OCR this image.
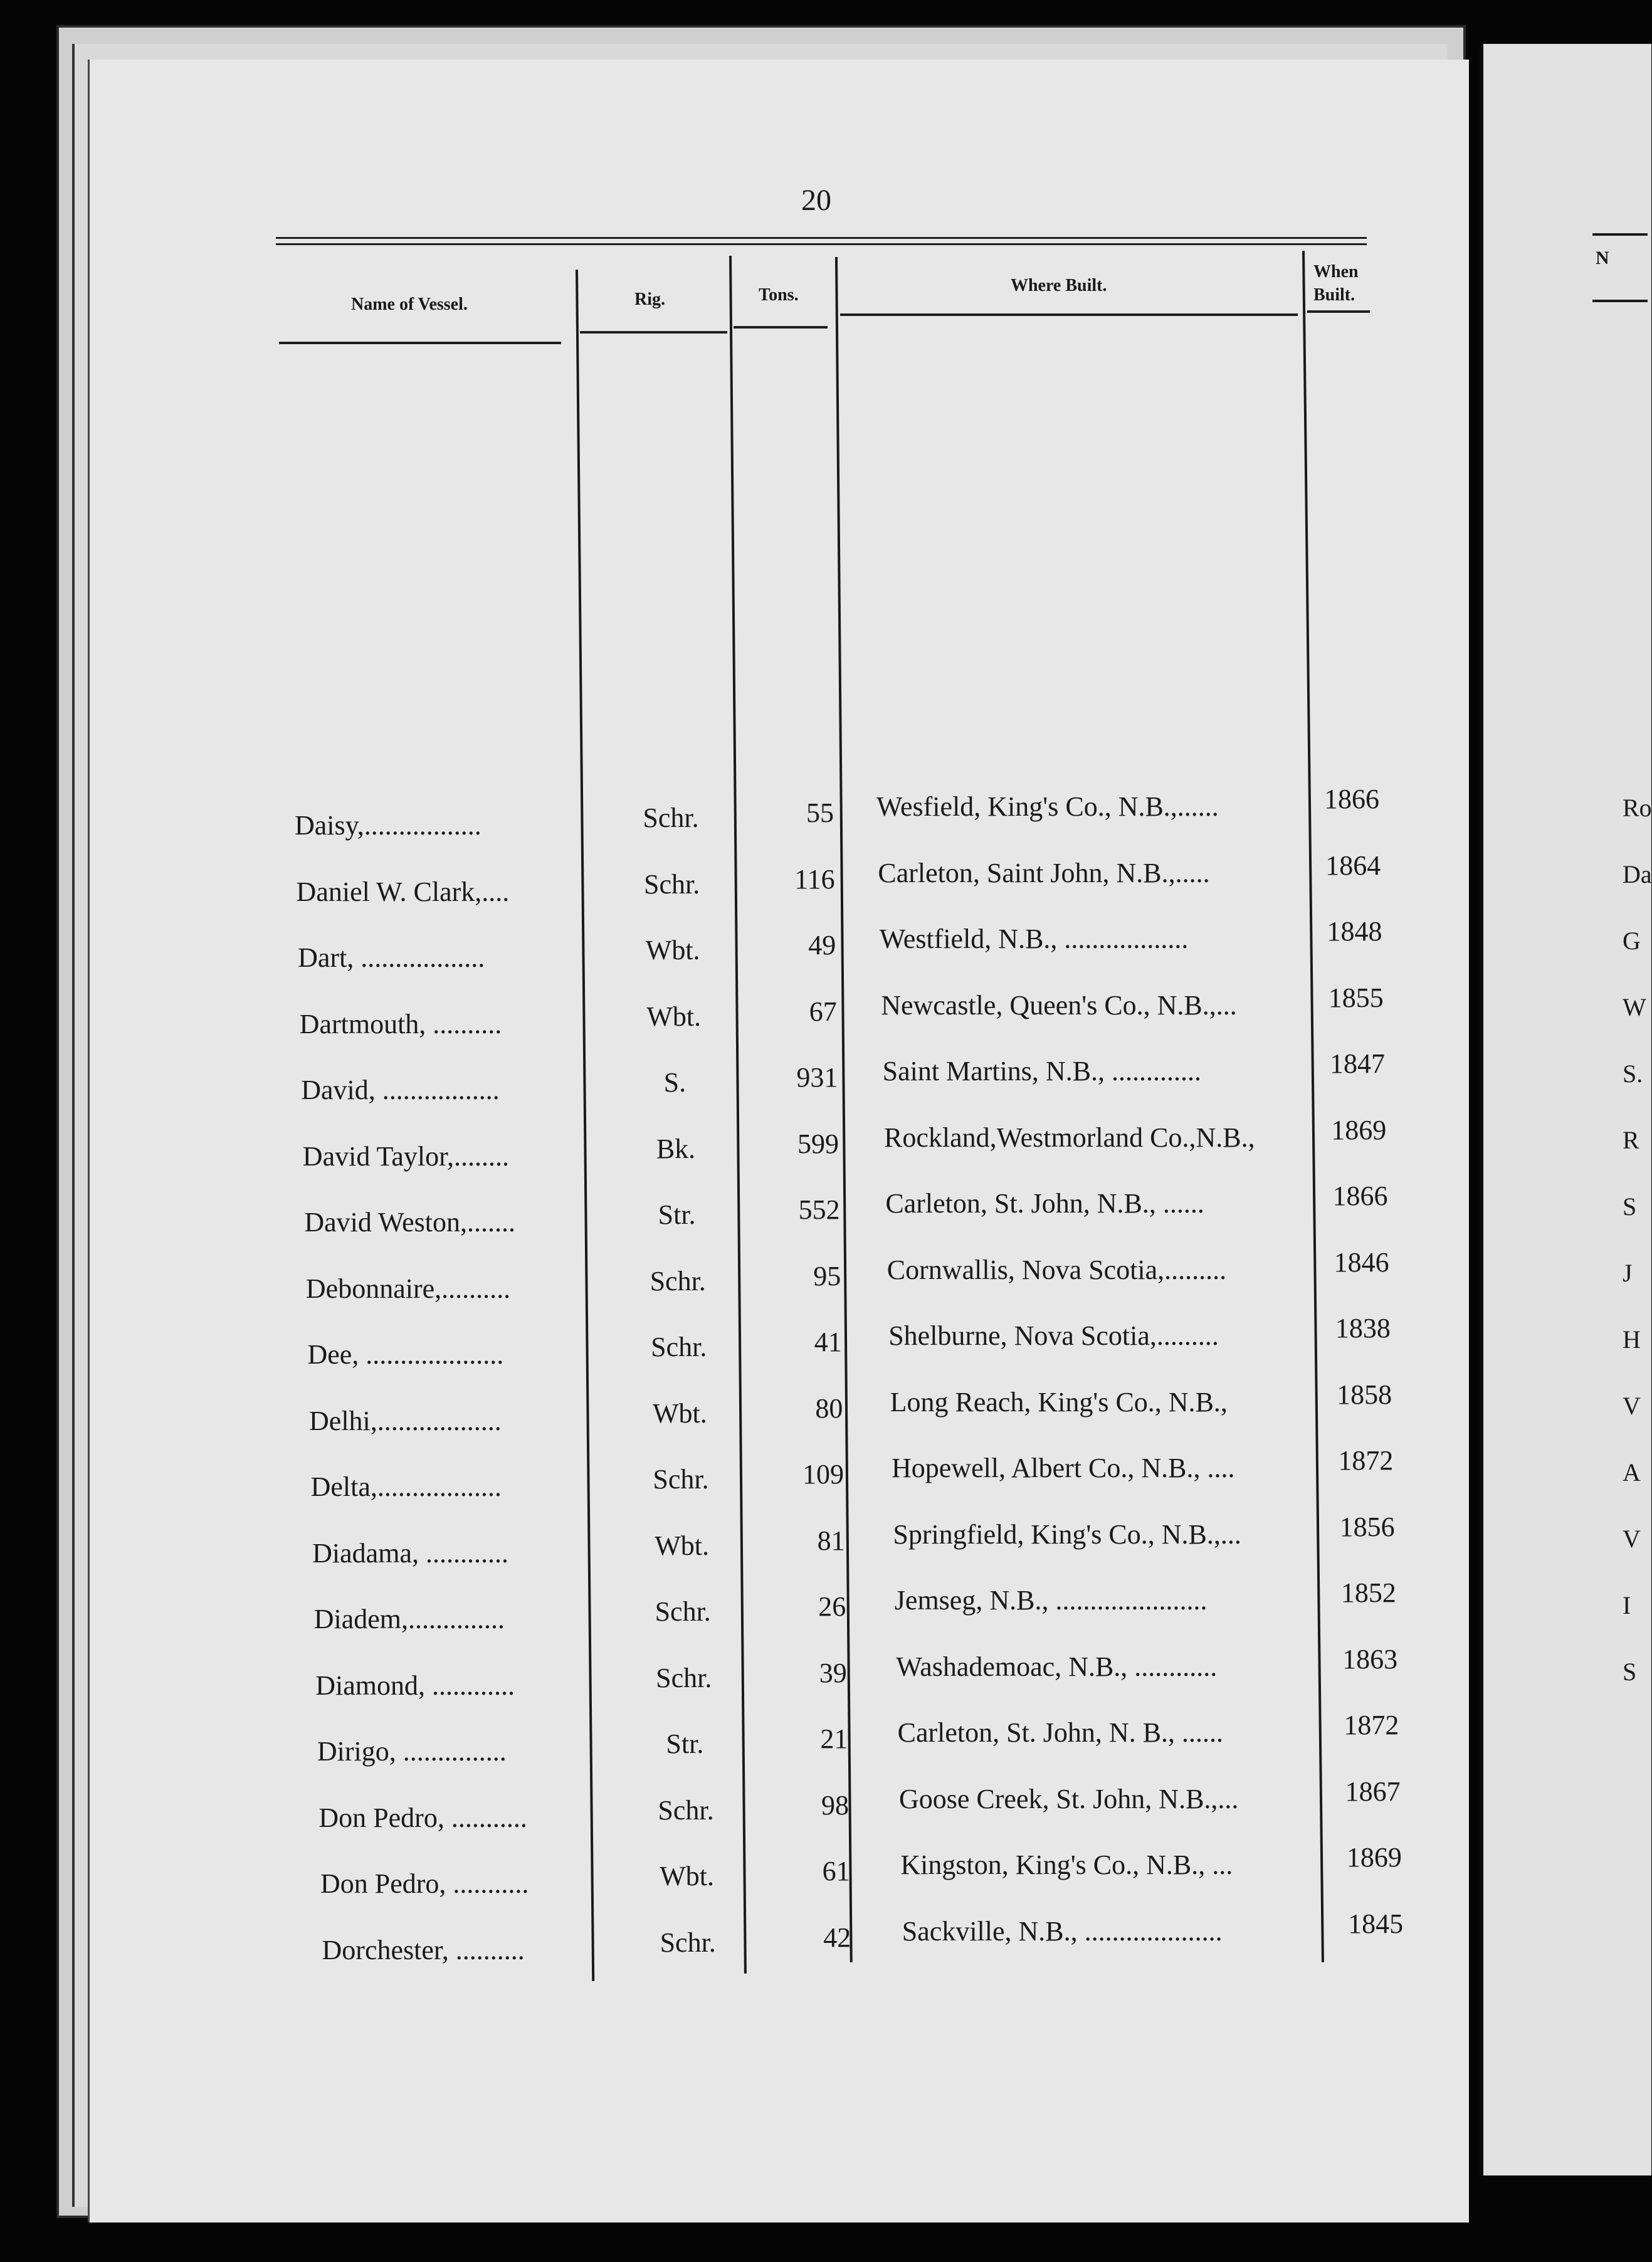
N
Ro
Da
G
W
S.
R
S
J
H
V
A
V
I
S
20
Name of Vessel.	Rig.	Tons.	Where Built.
When
Built.
Daisy,.................	Schr.	55 Wesfield, King's Co., N.B.,......	1866
Daniel W. Clark,....	Schr.	116 Carleton, Saint John, N.B.,.....	1864
Dart, ..................	Wbt.	49 Westfield, N.B., ..................	1848
Dartmouth, ..........	Wbt.	67 Newcastle, Queen's Co., N.B.,...	1855
David, .................	S.	931 Saint Martins, N.B., .............	1847
David Taylor,........	Bk.	599 Rockland,Westmorland Co.,N.B.,	1869
David Weston,.......	Str.	552 Carleton, St. John, N.B., ......	1866
Debonnaire,..........	Schr.	95 Cornwallis, Nova Scotia,.........	1846
Dee, ....................	Schr.	41 Shelburne, Nova Scotia,.........	1838
Delhi,..................	Wbt.	80 Long Reach, King's Co., N.B.,	1858
Delta,..................	Schr.	109 Hopewell, Albert Co., N.B., ....	1872
Diadama, ............	Wbt.	81 Springfield, King's Co., N.B.,...	1856
Diadem,..............	Schr.	26 Jemseg, N.B., ......................	1852
Diamond, ............	Schr.	39 Washademoac, N.B., ............	1863
Dirigo, ...............	Str.	21 Carleton, St. John, N. B., ......	1872
Don Pedro, ...........	Schr.	98 Goose Creek, St. John, N.B.,...	1867
Don Pedro, ...........	Wbt.	61 Kingston, King's Co., N.B., ...	1869
Dorchester, ..........	Schr.	42 Sackville, N.B., ....................	1845
